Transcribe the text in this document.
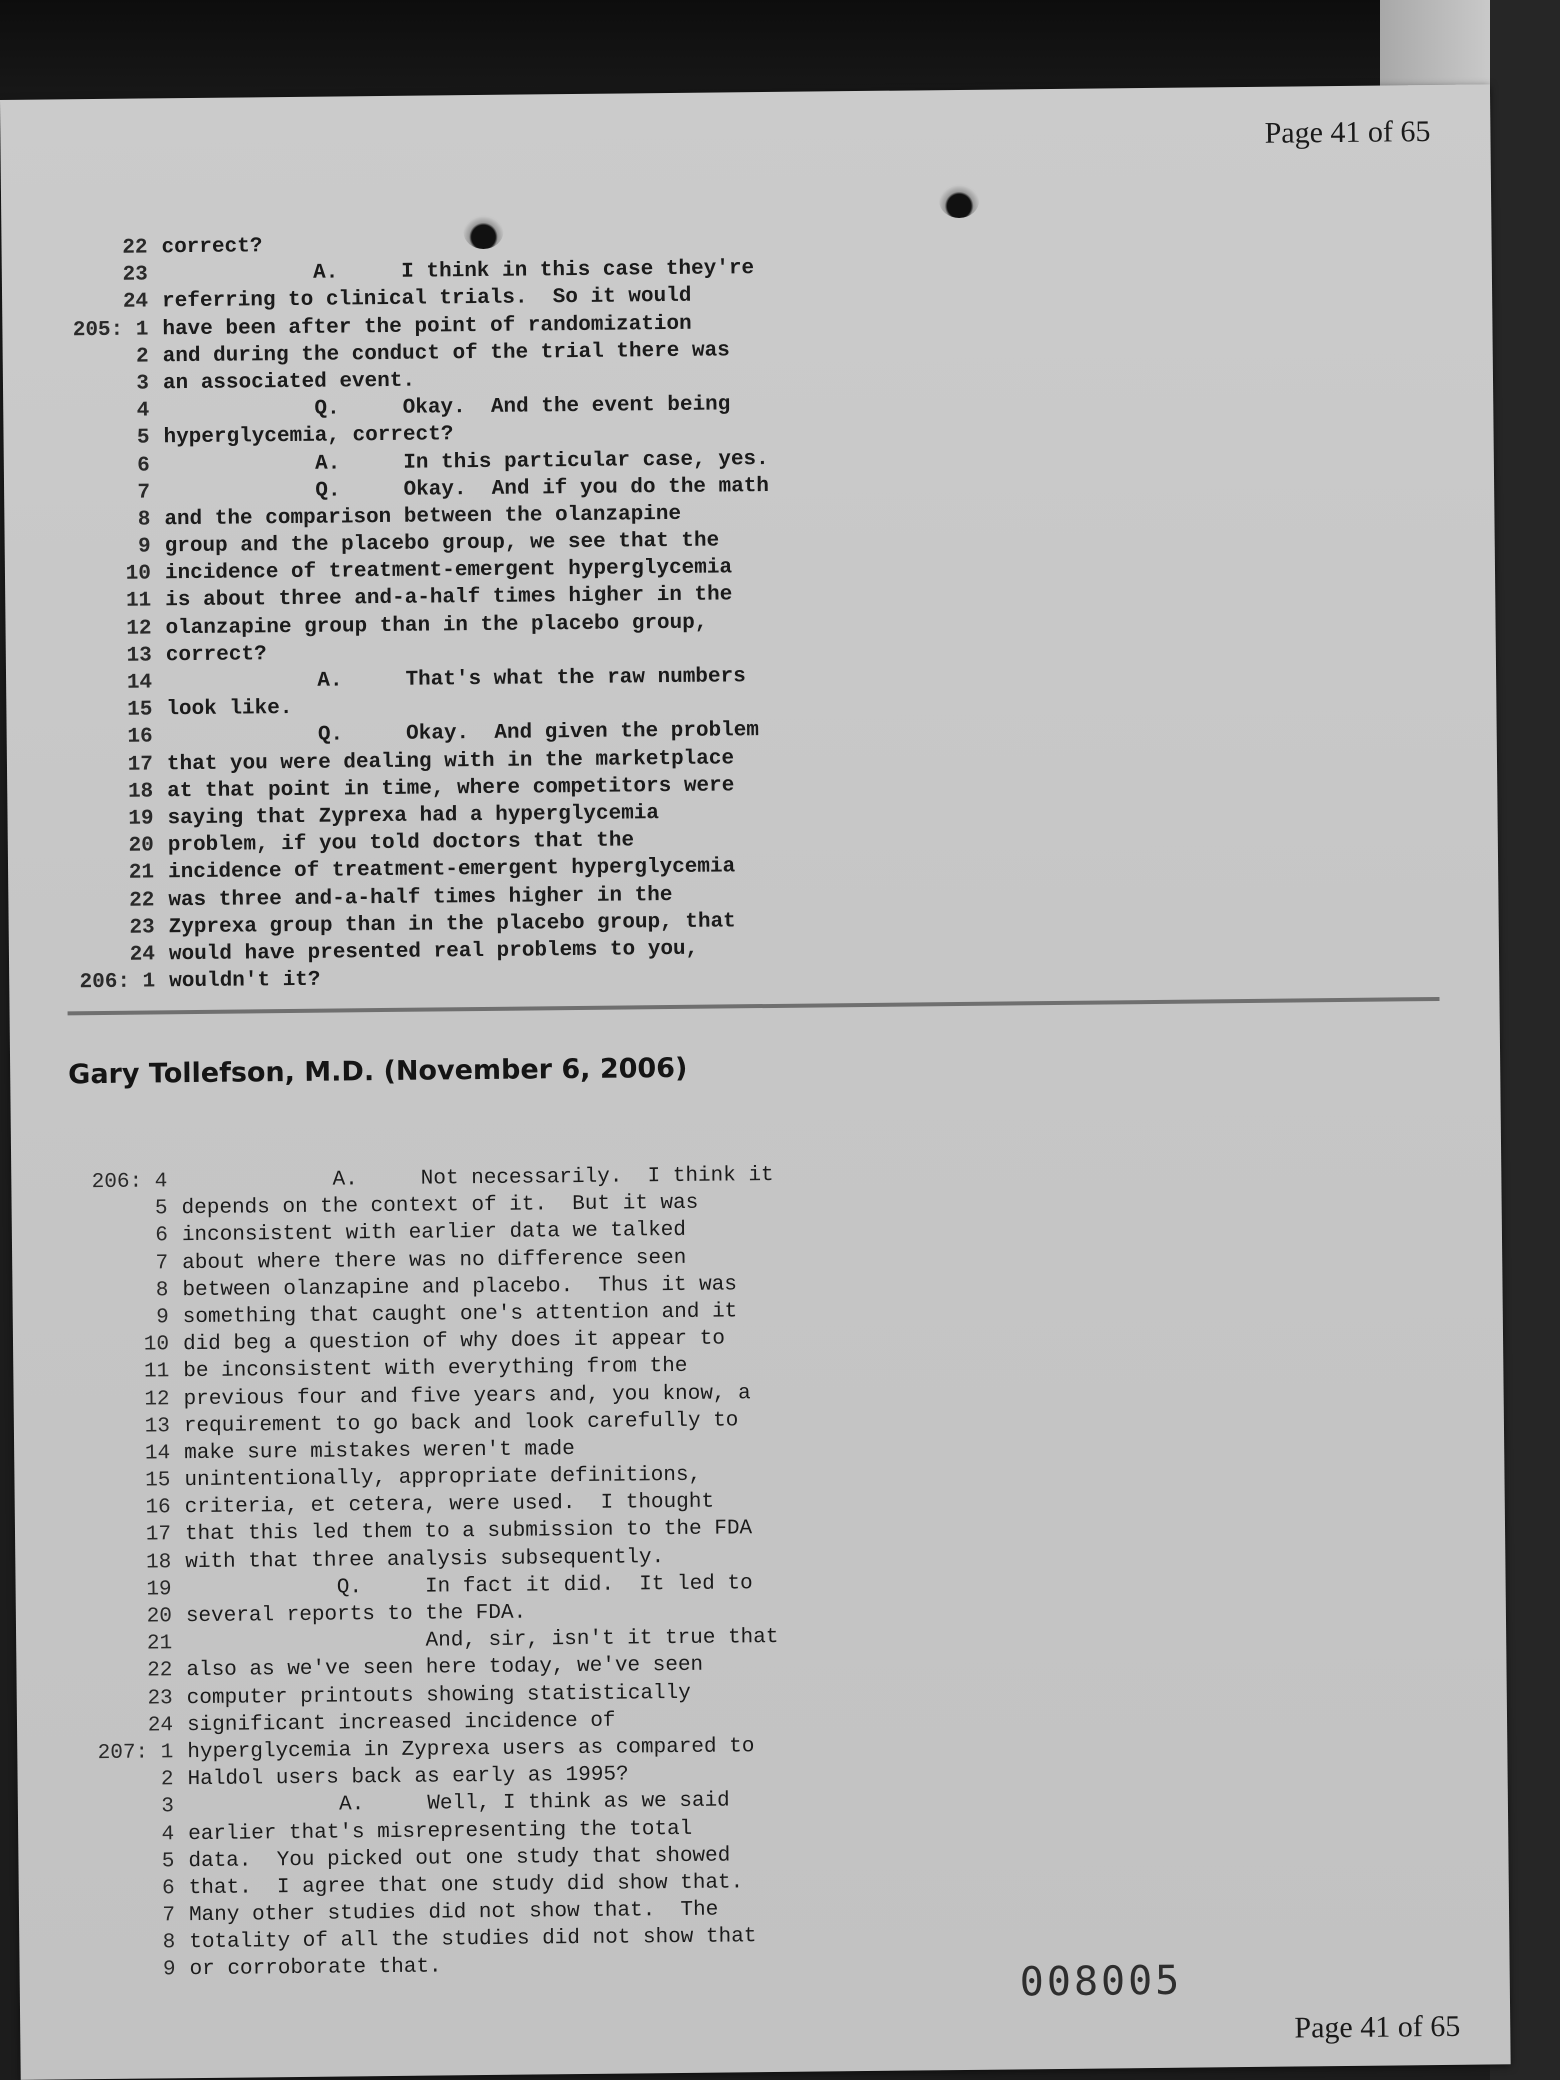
Page 41 of 65
22 correct?
23            A.     I think in this case they're
24 referring to clinical trials.  So it would
205: 1 have been after the point of randomization
2 and during the conduct of the trial there was
3 an associated event.
4            Q.     Okay.  And the event being
5 hyperglycemia, correct?
6            A.     In this particular case, yes.
7            Q.     Okay.  And if you do the math
8 and the comparison between the olanzapine
9 group and the placebo group, we see that the
10 incidence of treatment-emergent hyperglycemia
11 is about three and-a-half times higher in the
12 olanzapine group than in the placebo group,
13 correct?
14            A.     That's what the raw numbers
15 look like.
16            Q.     Okay.  And given the problem
17 that you were dealing with in the marketplace
18 at that point in time, where competitors were
19 saying that Zyprexa had a hyperglycemia
20 problem, if you told doctors that the
21 incidence of treatment-emergent hyperglycemia
22 was three and-a-half times higher in the
23 Zyprexa group than in the placebo group, that
24 would have presented real problems to you,
206: 1 wouldn't it?
Gary Tollefson, M.D. (November 6, 2006)
206: 4            A.     Not necessarily.  I think it
5 depends on the context of it.  But it was
6 inconsistent with earlier data we talked
7 about where there was no difference seen
8 between olanzapine and placebo.  Thus it was
9 something that caught one's attention and it
10 did beg a question of why does it appear to
11 be inconsistent with everything from the
12 previous four and five years and, you know, a
13 requirement to go back and look carefully to
14 make sure mistakes weren't made
15 unintentionally, appropriate definitions,
16 criteria, et cetera, were used.  I thought
17 that this led them to a submission to the FDA
18 with that three analysis subsequently.
19            Q.     In fact it did.  It led to
20 several reports to the FDA.
21                   And, sir, isn't it true that
22 also as we've seen here today, we've seen
23 computer printouts showing statistically
24 significant increased incidence of
207: 1 hyperglycemia in Zyprexa users as compared to
2 Haldol users back as early as 1995?
3            A.     Well, I think as we said
4 earlier that's misrepresenting the total
5 data.  You picked out one study that showed
6 that.  I agree that one study did show that.
7 Many other studies did not show that.  The
8 totality of all the studies did not show that
9 or corroborate that.	008005
Page 41 of 65
